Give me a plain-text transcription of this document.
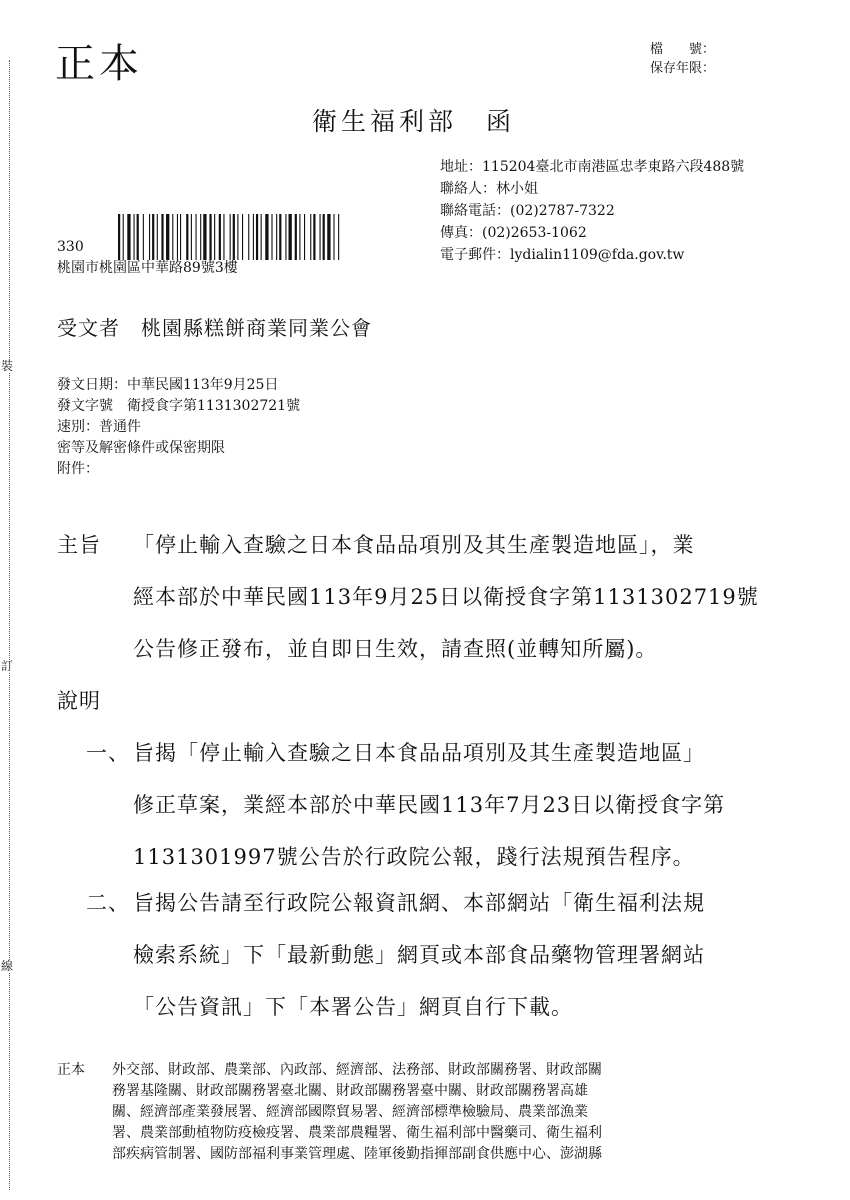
裝
訂
線
正本	檔　　號：
保存年限：
衛生福利部　函
地址：115204臺北市南港區忠孝東路六段488號
聯絡人：林小姐
聯絡電話：(02)2787-7322
傳真：(02)2653-1062
電子郵件：lydialin1109@fda.gov.tw
330
桃園市桃園區中華路89號3樓
受文者　桃園縣糕餅商業同業公會
發文日期：中華民國113年9月25日
發文字號　衛授食字第1131302721號
速別：普通件
密等及解密條件或保密期限
附件：
主旨 「停止輸入查驗之日本食品品項別及其生產製造地區」，業
經本部於中華民國113年9月25日以衛授食字第1131302719號
公告修正發布，並自即日生效，請查照(並轉知所屬)。
說明
一、 旨揭「停止輸入查驗之日本食品品項別及其生產製造地區」
修正草案，業經本部於中華民國113年7月23日以衛授食字第
1131301997號公告於行政院公報，踐行法規預告程序。
二、 旨揭公告請至行政院公報資訊網、本部網站「衛生福利法規
檢索系統」下「最新動態」網頁或本部食品藥物管理署網站
「公告資訊」下「本署公告」網頁自行下載。
正本 外交部、財政部、農業部、內政部、經濟部、法務部、財政部關務署、財政部關
務署基隆關、財政部關務署臺北關、財政部關務署臺中關、財政部關務署高雄
關、經濟部產業發展署、經濟部國際貿易署、經濟部標準檢驗局、農業部漁業
署、農業部動植物防疫檢疫署、農業部農糧署、衛生福利部中醫藥司、衛生福利
部疾病管制署、國防部福利事業管理處、陸軍後勤指揮部副食供應中心、澎湖縣
